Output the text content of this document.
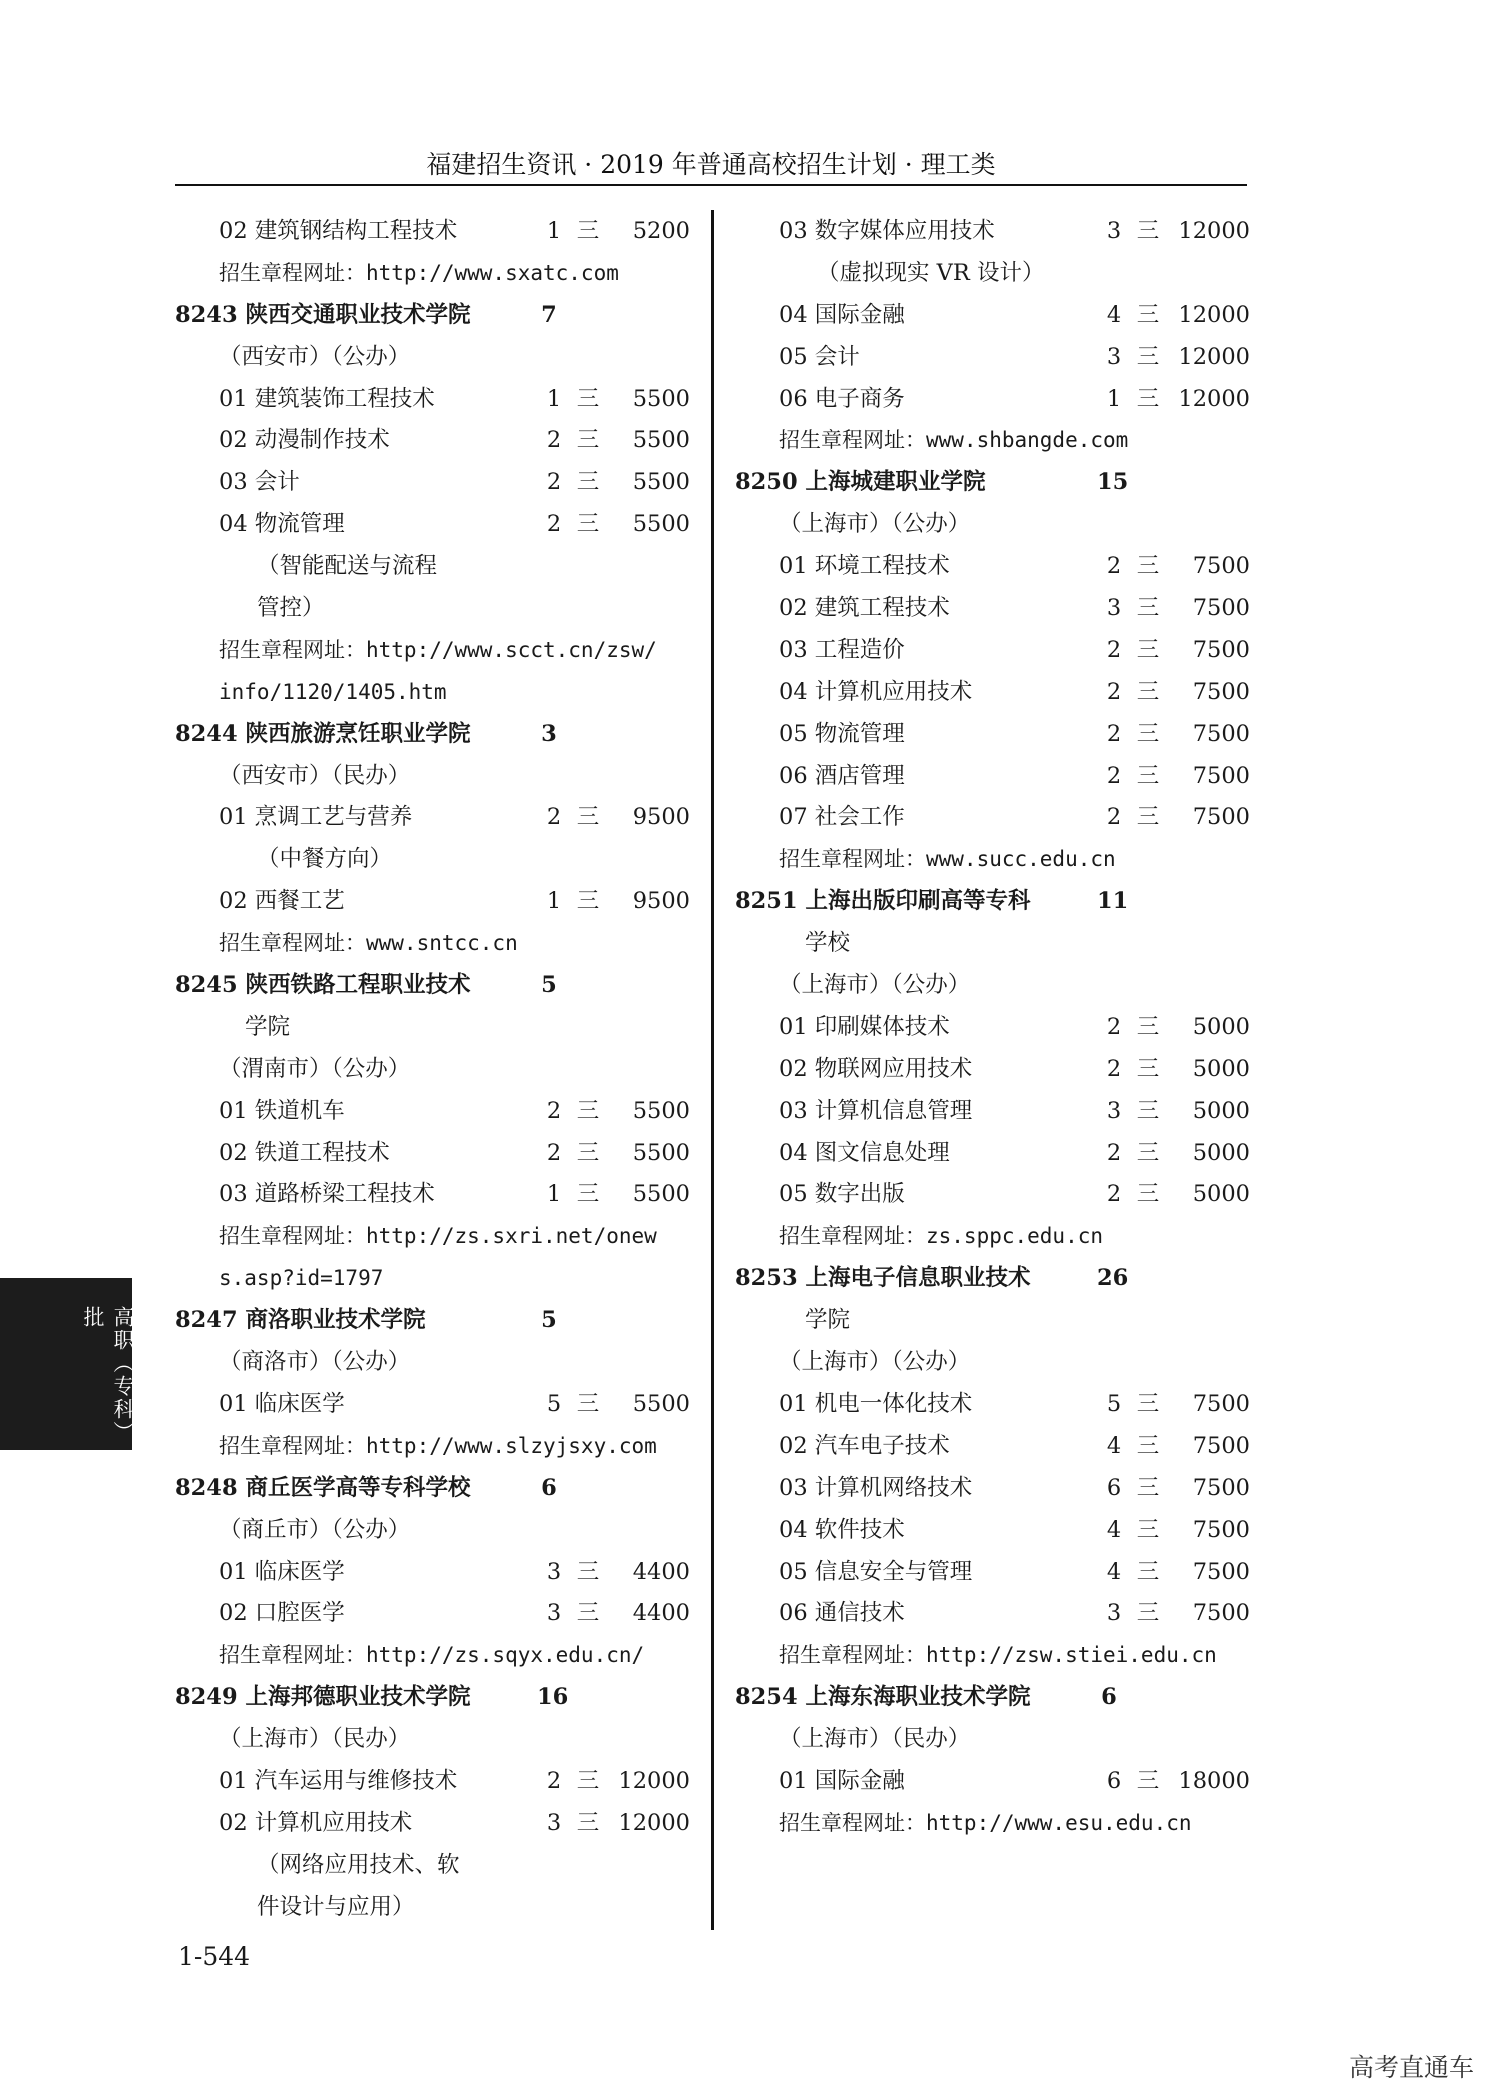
福建招生资讯 · 2019 年普通高校招生计划 · 理工类
02 建筑钢结构工程技术	1 三	5200
招生章程网址：http://www.sxatc.com
8243 陕西交通职业技术学院	7
（西安市）（公办）
01 建筑装饰工程技术	1 三	5500
02 动漫制作技术	2 三	5500
03 会计	2 三	5500
04 物流管理	2 三	5500
（智能配送与流程
管控）
招生章程网址：http://www.scct.cn/zsw/
info/1120/1405.htm
8244 陕西旅游烹饪职业学院	3
（西安市）（民办）
01 烹调工艺与营养	2 三	9500
（中餐方向）
02 西餐工艺	1 三	9500
招生章程网址：www.sntcc.cn
8245 陕西铁路工程职业技术	5
学院
（渭南市）（公办）
01 铁道机车	2 三	5500
02 铁道工程技术	2 三	5500
03 道路桥梁工程技术	1 三	5500
招生章程网址：http://zs.sxri.net/onew
s.asp?id=1797
8247 商洛职业技术学院	5
（商洛市）（公办）
01 临床医学	5 三	5500
招生章程网址：http://www.slzyjsxy.com
8248 商丘医学高等专科学校	6
（商丘市）（公办）
01 临床医学	3 三	4400
02 口腔医学	3 三	4400
招生章程网址：http://zs.sqyx.edu.cn/
8249 上海邦德职业技术学院	16
（上海市）（民办）
01 汽车运用与维修技术	2 三 12000
02 计算机应用技术	3 三 12000
（网络应用技术、软
件设计与应用）
03 数字媒体应用技术	3 三 12000
（虚拟现实 VR 设计）
04 国际金融	4 三 12000
05 会计	3 三 12000
06 电子商务	1 三 12000
招生章程网址：www.shbangde.com
8250 上海城建职业学院	15
（上海市）（公办）
01 环境工程技术	2 三	7500
02 建筑工程技术	3 三	7500
03 工程造价	2 三	7500
04 计算机应用技术	2 三	7500
05 物流管理	2 三	7500
06 酒店管理	2 三	7500
07 社会工作	2 三	7500
招生章程网址：www.succ.edu.cn
8251 上海出版印刷高等专科	11
学校
（上海市）（公办）
01 印刷媒体技术	2 三	5000
02 物联网应用技术	2 三	5000
03 计算机信息管理	3 三	5000
04 图文信息处理	2 三	5000
05 数字出版	2 三	5000
招生章程网址：zs.sppc.edu.cn
8253 上海电子信息职业技术	26
学院
（上海市）（公办）
01 机电一体化技术	5 三	7500
02 汽车电子技术	4 三	7500
03 计算机网络技术	6 三	7500
04 软件技术	4 三	7500
05 信息安全与管理	4 三	7500
06 通信技术	3 三	7500
招生章程网址：http://zsw.stiei.edu.cn
8254 上海东海职业技术学院	6
（上海市）（民办）
01 国际金融	6 三 18000
招生章程网址：http://www.esu.edu.cn
高职（专科）批
1-544
高考直通车
